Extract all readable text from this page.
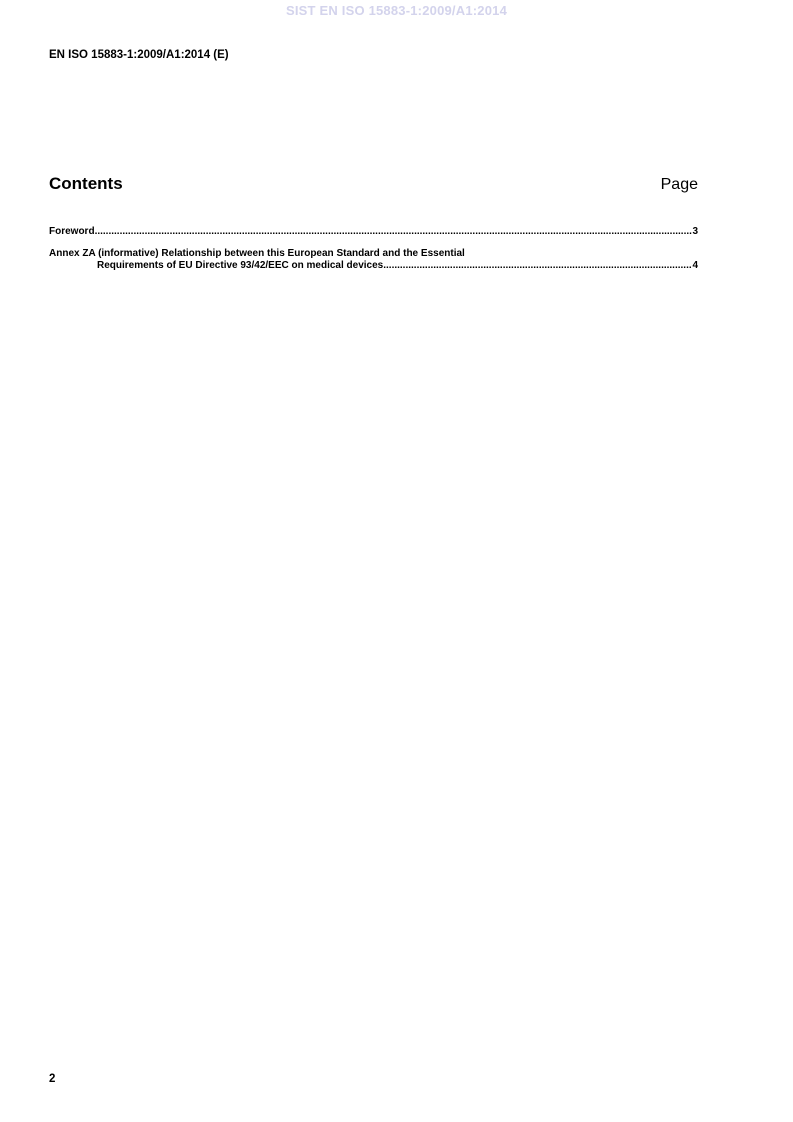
SIST EN ISO 15883-1:2009/A1:2014
EN ISO 15883-1:2009/A1:2014 (E)
Contents	Page
Foreword .....	3
Annex ZA (informative) Relationship between this European Standard and the Essential
Requirements of EU Directive 93/42/EEC on medical devices .....	4
2
